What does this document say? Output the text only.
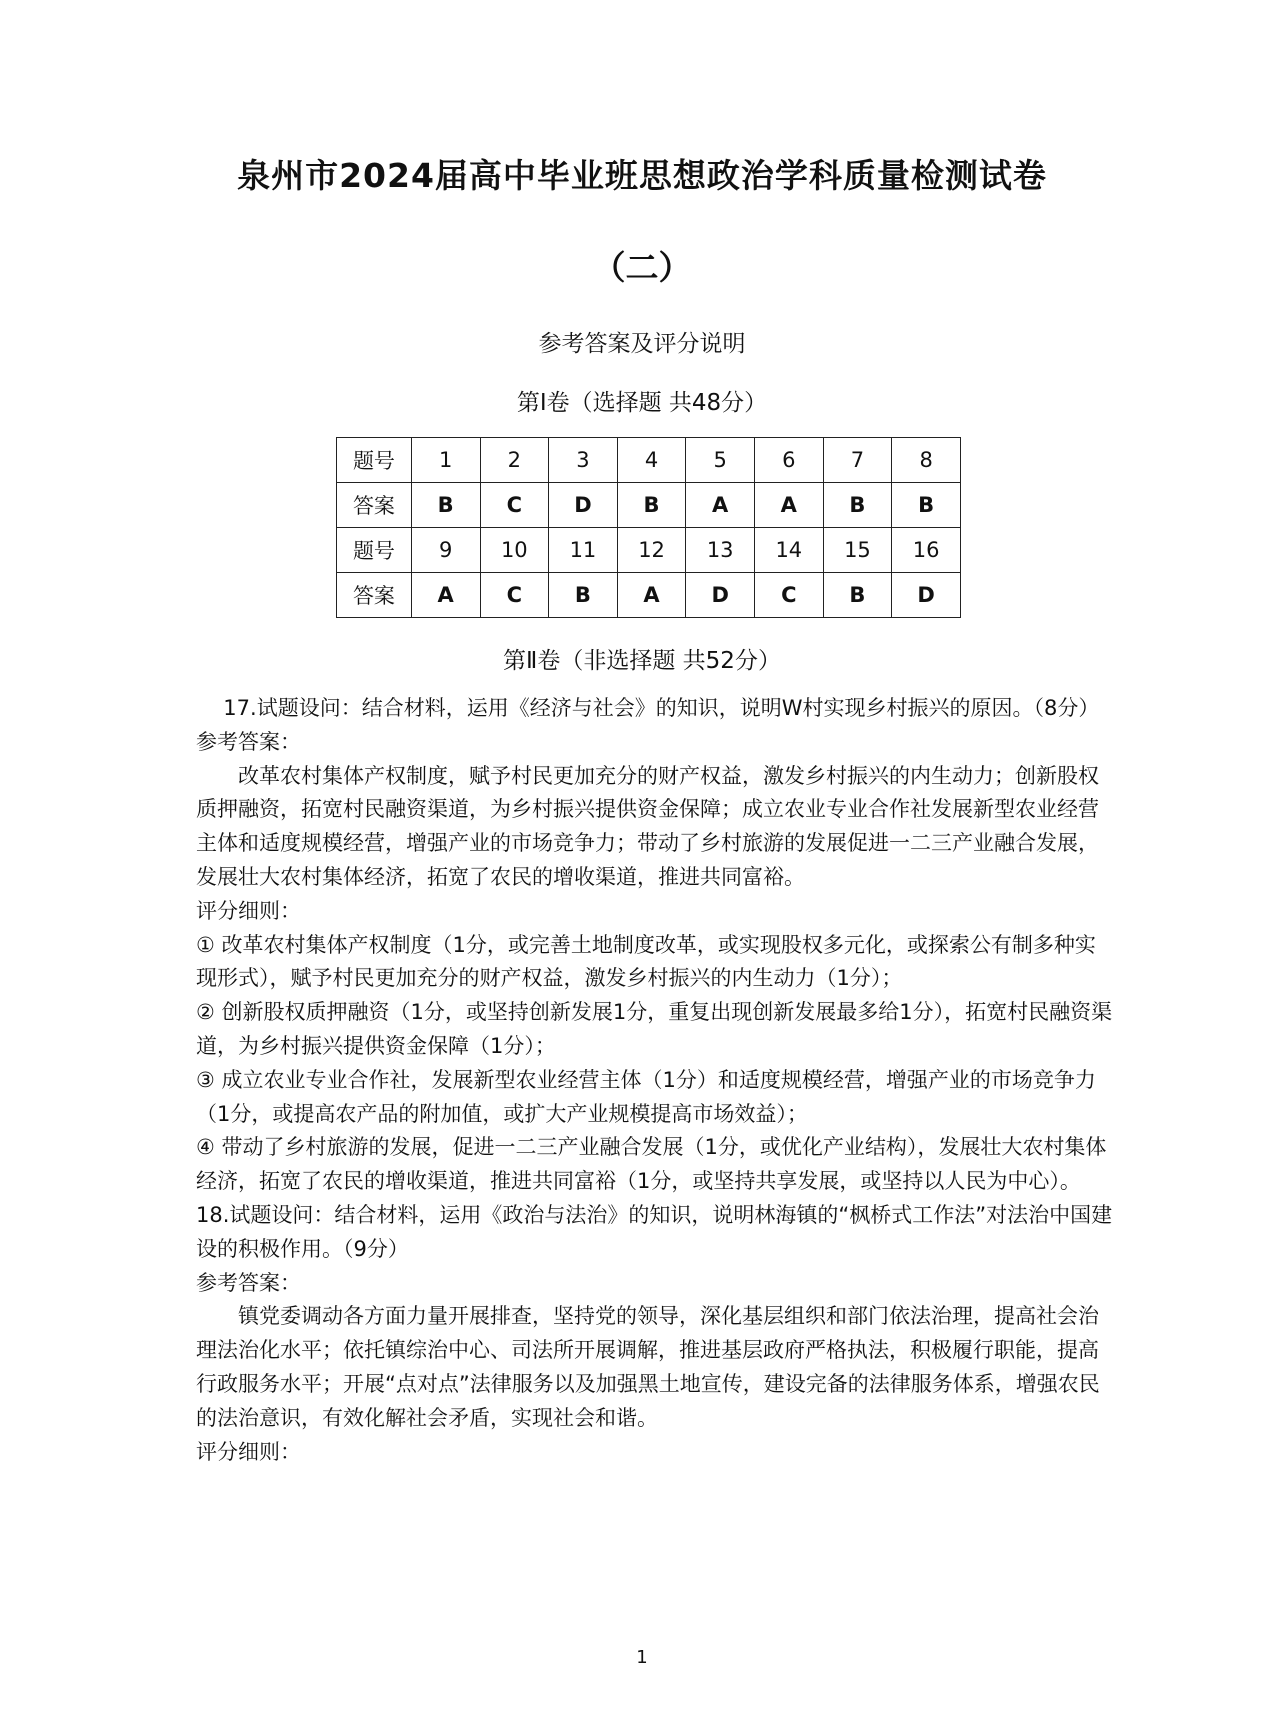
泉州市2024届高中毕业班思想政治学科质量检测试卷
（二）
参考答案及评分说明
第Ⅰ卷（选择题 共48分）
题号	1	2	3	4	5	6	7	8
答案	B	C	D	B	A	A	B	B
题号	9	10	11	12	13	14	15	16
答案	A	C	B	A	D	C	B	D
第Ⅱ卷（非选择题 共52分）

17.试题设问：结合材料，运用《经济与社会》的知识，说明W村实现乡村振兴的原因。（8分）

参考答案：

改革农村集体产权制度，赋予村民更加充分的财产权益，激发乡村振兴的内生动力；创新股权质押融资，拓宽村民融资渠道，为乡村振兴提供资金保障；成立农业专业合作社发展新型农业经营主体和适度规模经营，增强产业的市场竞争力；带动了乡村旅游的发展促进一二三产业融合发展，发展壮大农村集体经济，拓宽了农民的增收渠道，推进共同富裕。

评分细则：

① 改革农村集体产权制度（1分，或完善土地制度改革，或实现股权多元化，或探索公有制多种实现形式），赋予村民更加充分的财产权益，激发乡村振兴的内生动力（1分）；

② 创新股权质押融资（1分，或坚持创新发展1分，重复出现创新发展最多给1分），拓宽村民融资渠道，为乡村振兴提供资金保障（1分）；

③ 成立农业专业合作社，发展新型农业经营主体（1分）和适度规模经营，增强产业的市场竞争力（1分，或提高农产品的附加值，或扩大产业规模提高市场效益）；

④ 带动了乡村旅游的发展，促进一二三产业融合发展（1分，或优化产业结构），发展壮大农村集体经济，拓宽了农民的增收渠道，推进共同富裕（1分，或坚持共享发展，或坚持以人民为中心）。

18.试题设问：结合材料，运用《政治与法治》的知识，说明林海镇的“枫桥式工作法”对法治中国建设的积极作用。（9分）

参考答案：

镇党委调动各方面力量开展排查，坚持党的领导，深化基层组织和部门依法治理，提高社会治理法治化水平；依托镇综治中心、司法所开展调解，推进基层政府严格执法，积极履行职能，提高行政服务水平；开展“点对点”法律服务以及加强黑土地宣传，建设完备的法律服务体系，增强农民的法治意识，有效化解社会矛盾，实现社会和谐。

评分细则：

1
